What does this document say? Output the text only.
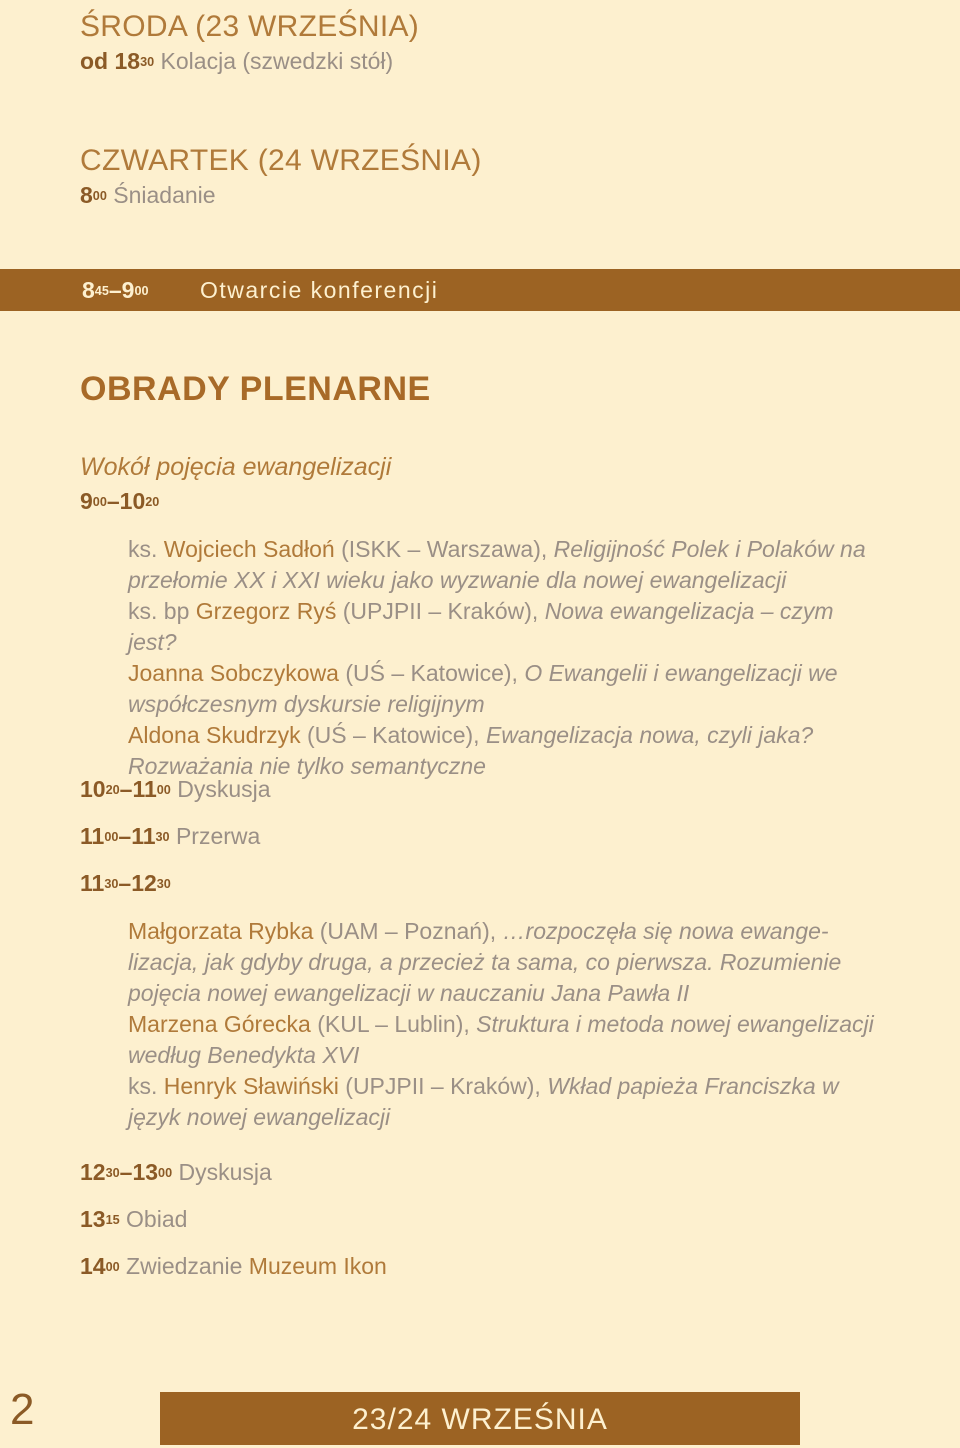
ŚRODA (23 WRZEŚNIA)
od $18^{30}$ Kolacja (szwedzki stół)
CZWARTEK (24 WRZEŚNIA)
$8^{00}$ Śniadanie
$8^{45}-9^{00}$ Otwarcie konferencji
OBRADY PLENARNE
Wokół pojęcia ewangelizacji
$9^{00}-10^{20}$
ks. Wojciech Sadłoń (ISKK – Warszawa), Religijność Polek i Polaków na przełomie XX i XXI wieku jako wyzwanie dla nowej ewangelizacji
ks. bp Grzegorz Ryś (UPJPII – Kraków), Nowa ewangelizacja – czym jest?
Joanna Sobczykowa (UŚ – Katowice), O Ewangelii i ewangelizacji we współczesnym dyskursie religijnym
Aldona Skudrzyk (UŚ – Katowice), Ewangelizacja nowa, czyli jaka? Rozważania nie tylko semantyczne
$10^{20}-11^{00}$ Dyskusja
$11^{00}-11^{30}$ Przerwa
$11^{30}-12^{30}$
Małgorzata Rybka (UAM – Poznań), …rozpoczęła się nowa ewange-lizacja, jak gdyby druga, a przecież ta sama, co pierwsza. Rozumienie pojęcia nowej ewangelizacji w nauczaniu Jana Pawła II
Marzena Górecka (KUL – Lublin), Struktura i metoda nowej ewangelizacji według Benedykta XVI
ks. Henryk Sławiński (UPJPII – Kraków), Wkład papieża Franciszka w język nowej ewangelizacji
$12^{30}-13^{00}$ Dyskusja
$13^{15}$ Obiad
$14^{00}$ Zwiedzanie Muzeum Ikon
2	23/24 WRZEŚNIA
